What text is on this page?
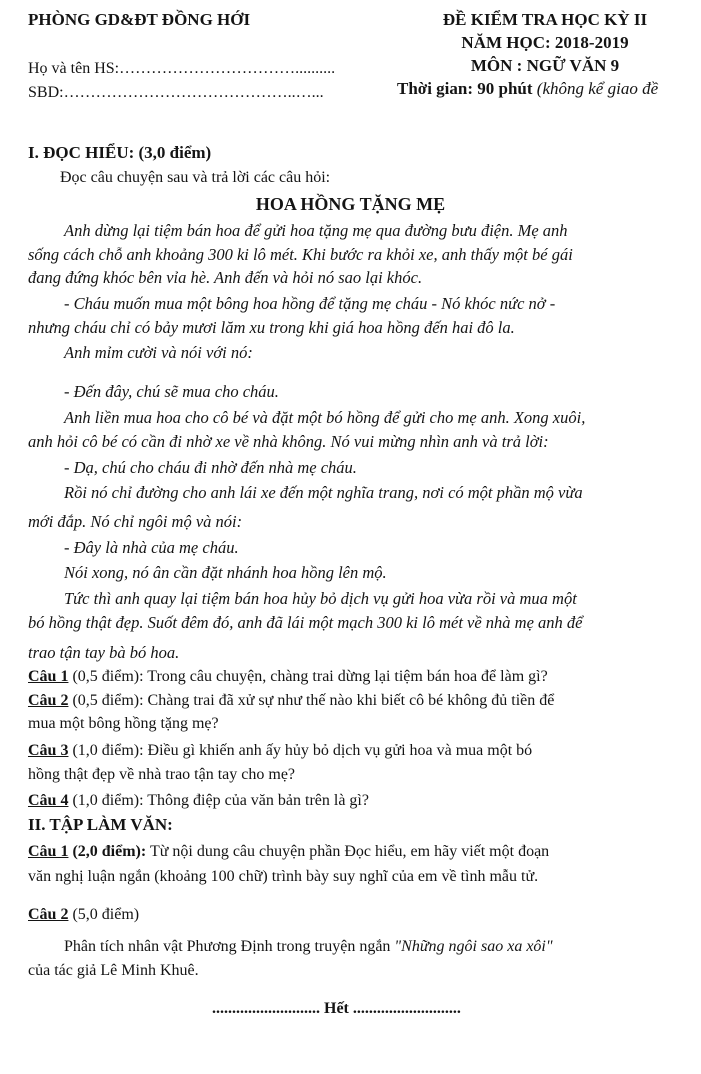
PHÒNG GD&ĐT ĐỒNG HỚI
Họ và tên HS:……………………………..........
SBD:……………………………………..…...
ĐỀ KIỂM TRA HỌC KỲ II
NĂM HỌC: 2018-2019
MÔN : NGỮ VĂN 9
Thời gian: 90 phút (không kể giao đề
I. ĐỌC HIỂU: (3,0 điểm)
Đọc câu chuyện sau và trả lời các câu hỏi:
HOA HỒNG TẶNG MẸ
Anh dừng lại tiệm bán hoa để gửi hoa tặng mẹ qua đường bưu điện. Mẹ anh
sống cách chỗ anh khoảng 300 ki lô mét. Khi bước ra khỏi xe, anh thấy một bé gái
đang đứng khóc bên vỉa hè. Anh đến và hỏi nó sao lại khóc.
- Cháu muốn mua một bông hoa hồng để tặng mẹ cháu - Nó khóc nức nở -
nhưng cháu chỉ có bảy mươi lăm xu trong khi giá hoa hồng đến hai đô la.
Anh mỉm cười và nói với nó:
- Đến đây, chú sẽ mua cho cháu.
Anh liền mua hoa cho cô bé và đặt một bó hồng để gửi cho mẹ anh. Xong xuôi,
anh hỏi cô bé có cần đi nhờ xe về nhà không. Nó vui mừng nhìn anh và trả lời:
- Dạ, chú cho cháu đi nhờ đến nhà mẹ cháu.
Rồi nó chỉ đường cho anh lái xe đến một nghĩa trang, nơi có một phần mộ vừa
mới đắp. Nó chỉ ngôi mộ và nói:
- Đây là nhà của mẹ cháu.
Nói xong, nó ân cần đặt nhánh hoa hồng lên mộ.
Tức thì anh quay lại tiệm bán hoa hủy bỏ dịch vụ gửi hoa vừa rồi và mua một
bó hồng thật đẹp. Suốt đêm đó, anh đã lái một mạch 300 ki lô mét về nhà mẹ anh để
trao tận tay bà bó hoa.
Câu 1 (0,5 điểm): Trong câu chuyện, chàng trai dừng lại tiệm bán hoa để làm gì?
Câu 2 (0,5 điểm): Chàng trai đã xử sự như thế nào khi biết cô bé không đủ tiền để
mua một bông hồng tặng mẹ?
Câu 3 (1,0 điểm): Điều gì khiến anh ấy hủy bỏ dịch vụ gửi hoa và mua một bó
hồng thật đẹp về nhà trao tận tay cho mẹ?
Câu 4 (1,0 điểm): Thông điệp của văn bản trên là gì?
II. TẬP LÀM VĂN:
Câu 1 (2,0 điểm): Từ nội dung câu chuyện phần Đọc hiểu, em hãy viết một đoạn
văn nghị luận ngắn (khoảng 100 chữ) trình bày suy nghĩ của em về tình mẫu tử.
Câu 2 (5,0 điểm)
Phân tích nhân vật Phương Định trong truyện ngắn "Những ngôi sao xa xôi"
của tác giả Lê Minh Khuê.
........................... Hết ...........................
